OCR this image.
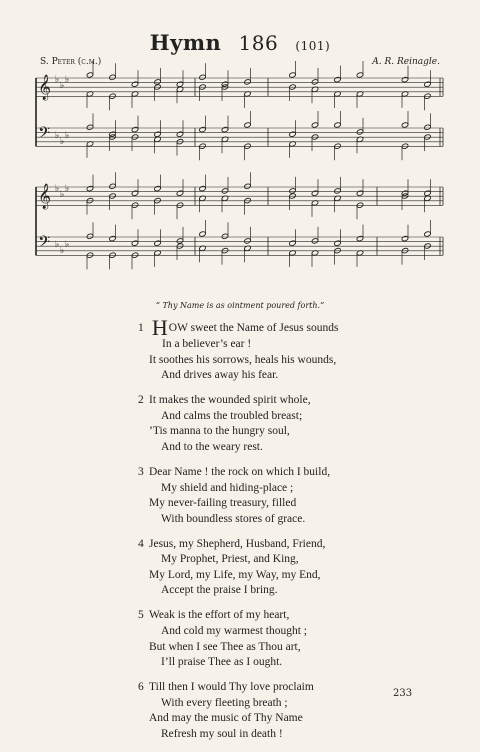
Hymn 186 (101)
S. Peter (c.m.)	A. R. Reinagle.
𝄞
𝄢
♭
♭
♭
♭
♭
♭
𝄞
𝄢
♭
♭
♭
♭
♭
♭
“ Thy Name is as ointment poured forth.”
1 HOW sweet the Name of Jesus sounds
In a believer’s ear !
It soothes his sorrows, heals his wounds,
And drives away his fear.
2 It makes the wounded spirit whole,
And calms the troubled breast;
’Tis manna to the hungry soul,
And to the weary rest.
3 Dear Name ! the rock on which I build,
My shield and hiding-place ;
My never-failing treasury, filled
With boundless stores of grace.
4 Jesus, my Shepherd, Husband, Friend,
My Prophet, Priest, and King,
My Lord, my Life, my Way, my End,
Accept the praise I bring.
5 Weak is the effort of my heart,
And cold my warmest thought ;
But when I see Thee as Thou art,
I’ll praise Thee as I ought.
6 Till then I would Thy love proclaim
With every fleeting breath ;
And may the music of Thy Name
Refresh my soul in death !
233
